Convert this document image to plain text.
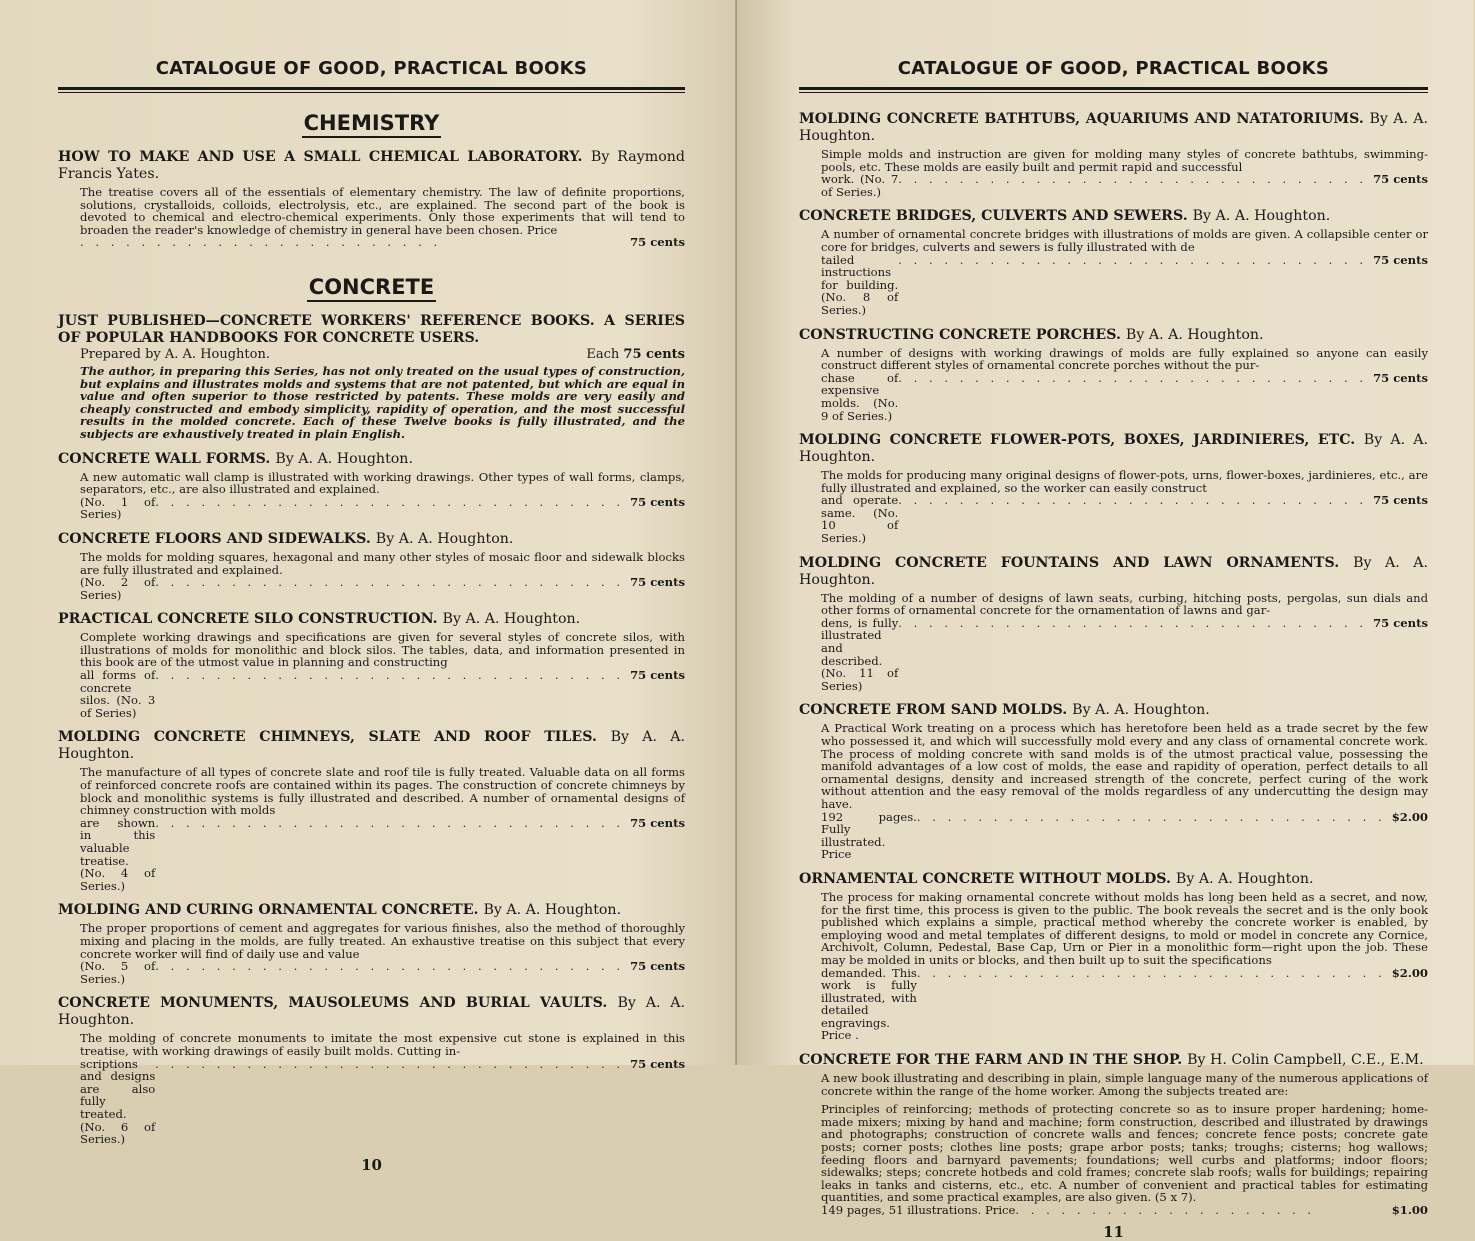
CATALOGUE OF GOOD, PRACTICAL BOOKS
CHEMISTRY
HOW TO MAKE AND USE A SMALL CHEMICAL LABORATORY. By Raymond Francis Yates.
The treatise covers all of the essentials of elementary chemistry. The law of definite proportions, solutions, crystalloids, colloids, electrolysis, etc., are explained. The second part of the book is devoted to chemical and electro-chemical experiments. Only those experiments that will tend to broaden the reader's knowledge of chemistry in general have been chosen. Price
. . . . . . . . . . . . . . . . . . . . . . . .	75 cents
CONCRETE
JUST PUBLISHED—CONCRETE WORKERS' REFERENCE BOOKS. A SERIES OF POPULAR HANDBOOKS FOR CONCRETE USERS.
Prepared by A. A. Houghton.	Each 75 cents
The author, in preparing this Series, has not only treated on the usual types of construction, but explains and illustrates molds and systems that are not patented, but which are equal in value and often superior to those restricted by patents. These molds are very easily and cheaply constructed and embody simplicity, rapidity of operation, and the most successful results in the molded concrete. Each of these Twelve books is fully illustrated, and the subjects are exhaustively treated in plain English.
CONCRETE WALL FORMS. By A. A. Houghton.
A new automatic wall clamp is illustrated with working drawings. Other types of wall forms, clamps, separators, etc., are also illustrated and explained.
(No. 1 of Series)
. . . . . . . . . . . . . . . . . . . . . . . . . . . . . . . 75 cents
CONCRETE FLOORS AND SIDEWALKS. By A. A. Houghton.
The molds for molding squares, hexagonal and many other styles of mosaic floor and sidewalk blocks are fully illustrated and explained.
(No. 2 of Series)
. . . . . . . . . . . . . . . . . . . . . . . . . . . . . . . 75 cents
PRACTICAL CONCRETE SILO CONSTRUCTION. By A. A. Houghton.
Complete working drawings and specifications are given for several styles of concrete silos, with illustrations of molds for monolithic and block silos. The tables, data, and information presented in this book are of the utmost value in planning and constructing
all forms of concrete silos. (No. 3 of Series)
. . . . . . . . . . . . . . . . . . . . . . . . . . . . . . . 75 cents
MOLDING CONCRETE CHIMNEYS, SLATE AND ROOF TILES. By A. A. Houghton.
The manufacture of all types of concrete slate and roof tile is fully treated. Valuable data on all forms of reinforced concrete roofs are contained within its pages. The construction of concrete chimneys by block and monolithic systems is fully illustrated and described. A number of ornamental designs of chimney construction with molds
are shown in this valuable treatise. (No. 4 of Series.)
. . . . . . . . . . . . . . . . . . . . . . . . . . . . . . . 75 cents
MOLDING AND CURING ORNAMENTAL CONCRETE. By A. A. Houghton.
The proper proportions of cement and aggregates for various finishes, also the method of thoroughly mixing and placing in the molds, are fully treated. An exhaustive treatise on this subject that every concrete worker will find of daily use and value
(No. 5 of Series.)
. . . . . . . . . . . . . . . . . . . . . . . . . . . . . . . 75 cents
CONCRETE MONUMENTS, MAUSOLEUMS AND BURIAL VAULTS. By A. A. Houghton.
The molding of concrete monuments to imitate the most expensive cut stone is explained in this treatise, with working drawings of easily built molds. Cutting in-
scriptions and designs are also fully treated. (No. 6 of Series.)
. . . . . . . . . . . . . . . . . . . . . . . . . . . . . . . 75 cents
10
CATALOGUE OF GOOD, PRACTICAL BOOKS
MOLDING CONCRETE BATHTUBS, AQUARIUMS AND NATATORIUMS. By A. A. Houghton.
Simple molds and instruction are given for molding many styles of concrete bathtubs, swimming-pools, etc. These molds are easily built and permit rapid and successful
work. (No. 7 of Series.)
. . . . . . . . . . . . . . . . . . . . . . . . . . . . . . . 75 cents
CONCRETE BRIDGES, CULVERTS AND SEWERS. By A. A. Houghton.
A number of ornamental concrete bridges with illustrations of molds are given. A collapsible center or core for bridges, culverts and sewers is fully illustrated with de
tailed instructions for building. (No. 8 of Series.)
. . . . . . . . . . . . . . . . . . . . . . . . . . . . . . . 75 cents
CONSTRUCTING CONCRETE PORCHES. By A. A. Houghton.
A number of designs with working drawings of molds are fully explained so anyone can easily construct different styles of ornamental concrete porches without the pur-
chase of expensive molds. (No. 9 of Series.)
. . . . . . . . . . . . . . . . . . . . . . . . . . . . . . . 75 cents
MOLDING CONCRETE FLOWER-POTS, BOXES, JARDINIERES, ETC. By A. A. Houghton.
The molds for producing many original designs of flower-pots, urns, flower-boxes, jardinieres, etc., are fully illustrated and explained, so the worker can easily construct
and operate same. (No. 10 of Series.)
. . . . . . . . . . . . . . . . . . . . . . . . . . . . . . . 75 cents
MOLDING CONCRETE FOUNTAINS AND LAWN ORNAMENTS. By A. A. Houghton.
The molding of a number of designs of lawn seats, curbing, hitching posts, pergolas, sun dials and other forms of ornamental concrete for the ornamentation of lawns and gar-
dens, is fully illustrated and described. (No. 11 of Series)
. . . . . . . . . . . . . . . . . . . . . . . . . . . . . . . 75 cents
CONCRETE FROM SAND MOLDS. By A. A. Houghton.
A Practical Work treating on a process which has heretofore been held as a trade secret by the few who possessed it, and which will successfully mold every and any class of ornamental concrete work. The process of molding concrete with sand molds is of the utmost practical value, possessing the manifold advantages of a low cost of molds, the ease and rapidity of operation, perfect details to all ornamental designs, density and increased strength of the concrete, perfect curing of the work without attention and the easy removal of the molds regardless of any undercutting the design may have.
192 pages. Fully illustrated. Price
. . . . . . . . . . . . . . . . . . . . . . . . . . . . . . . $2.00
ORNAMENTAL CONCRETE WITHOUT MOLDS. By A. A. Houghton.
The process for making ornamental concrete without molds has long been held as a secret, and now, for the first time, this process is given to the public. The book reveals the secret and is the only book published which explains a simple, practical method whereby the concrete worker is enabled, by employing wood and metal templates of different designs, to mold or model in concrete any Cornice, Archivolt, Column, Pedestal, Base Cap, Urn or Pier in a monolithic form—right upon the job. These may be molded in units or blocks, and then built up to suit the specifications
demanded. This work is fully illustrated, with detailed engravings. Price .
. . . . . . . . . . . . . . . . . . . . . . . . . . . . . . . $2.00
CONCRETE FOR THE FARM AND IN THE SHOP. By H. Colin Campbell, C.E., E.M.
A new book illustrating and describing in plain, simple language many of the numerous applications of concrete within the range of the home worker. Among the subjects treated are:
Principles of reinforcing; methods of protecting concrete so as to insure proper hardening; home-made mixers; mixing by hand and machine; form construction, described and illustrated by drawings and photographs; construction of concrete walls and fences; concrete fence posts; concrete gate posts; corner posts; clothes line posts; grape arbor posts; tanks; troughs; cisterns; hog wallows; feeding floors and barnyard pavements; foundations; well curbs and platforms; indoor floors; sidewalks; steps; concrete hotbeds and cold frames; concrete slab roofs; walls for buildings; repairing leaks in tanks and cisterns, etc., etc. A number of convenient and practical tables for estimating quantities, and some practical examples, are also given. (5 x 7).
149 pages, 51 illustrations. Price . . . . . . . . . . . . . . . . . . . .	$1.00
11
